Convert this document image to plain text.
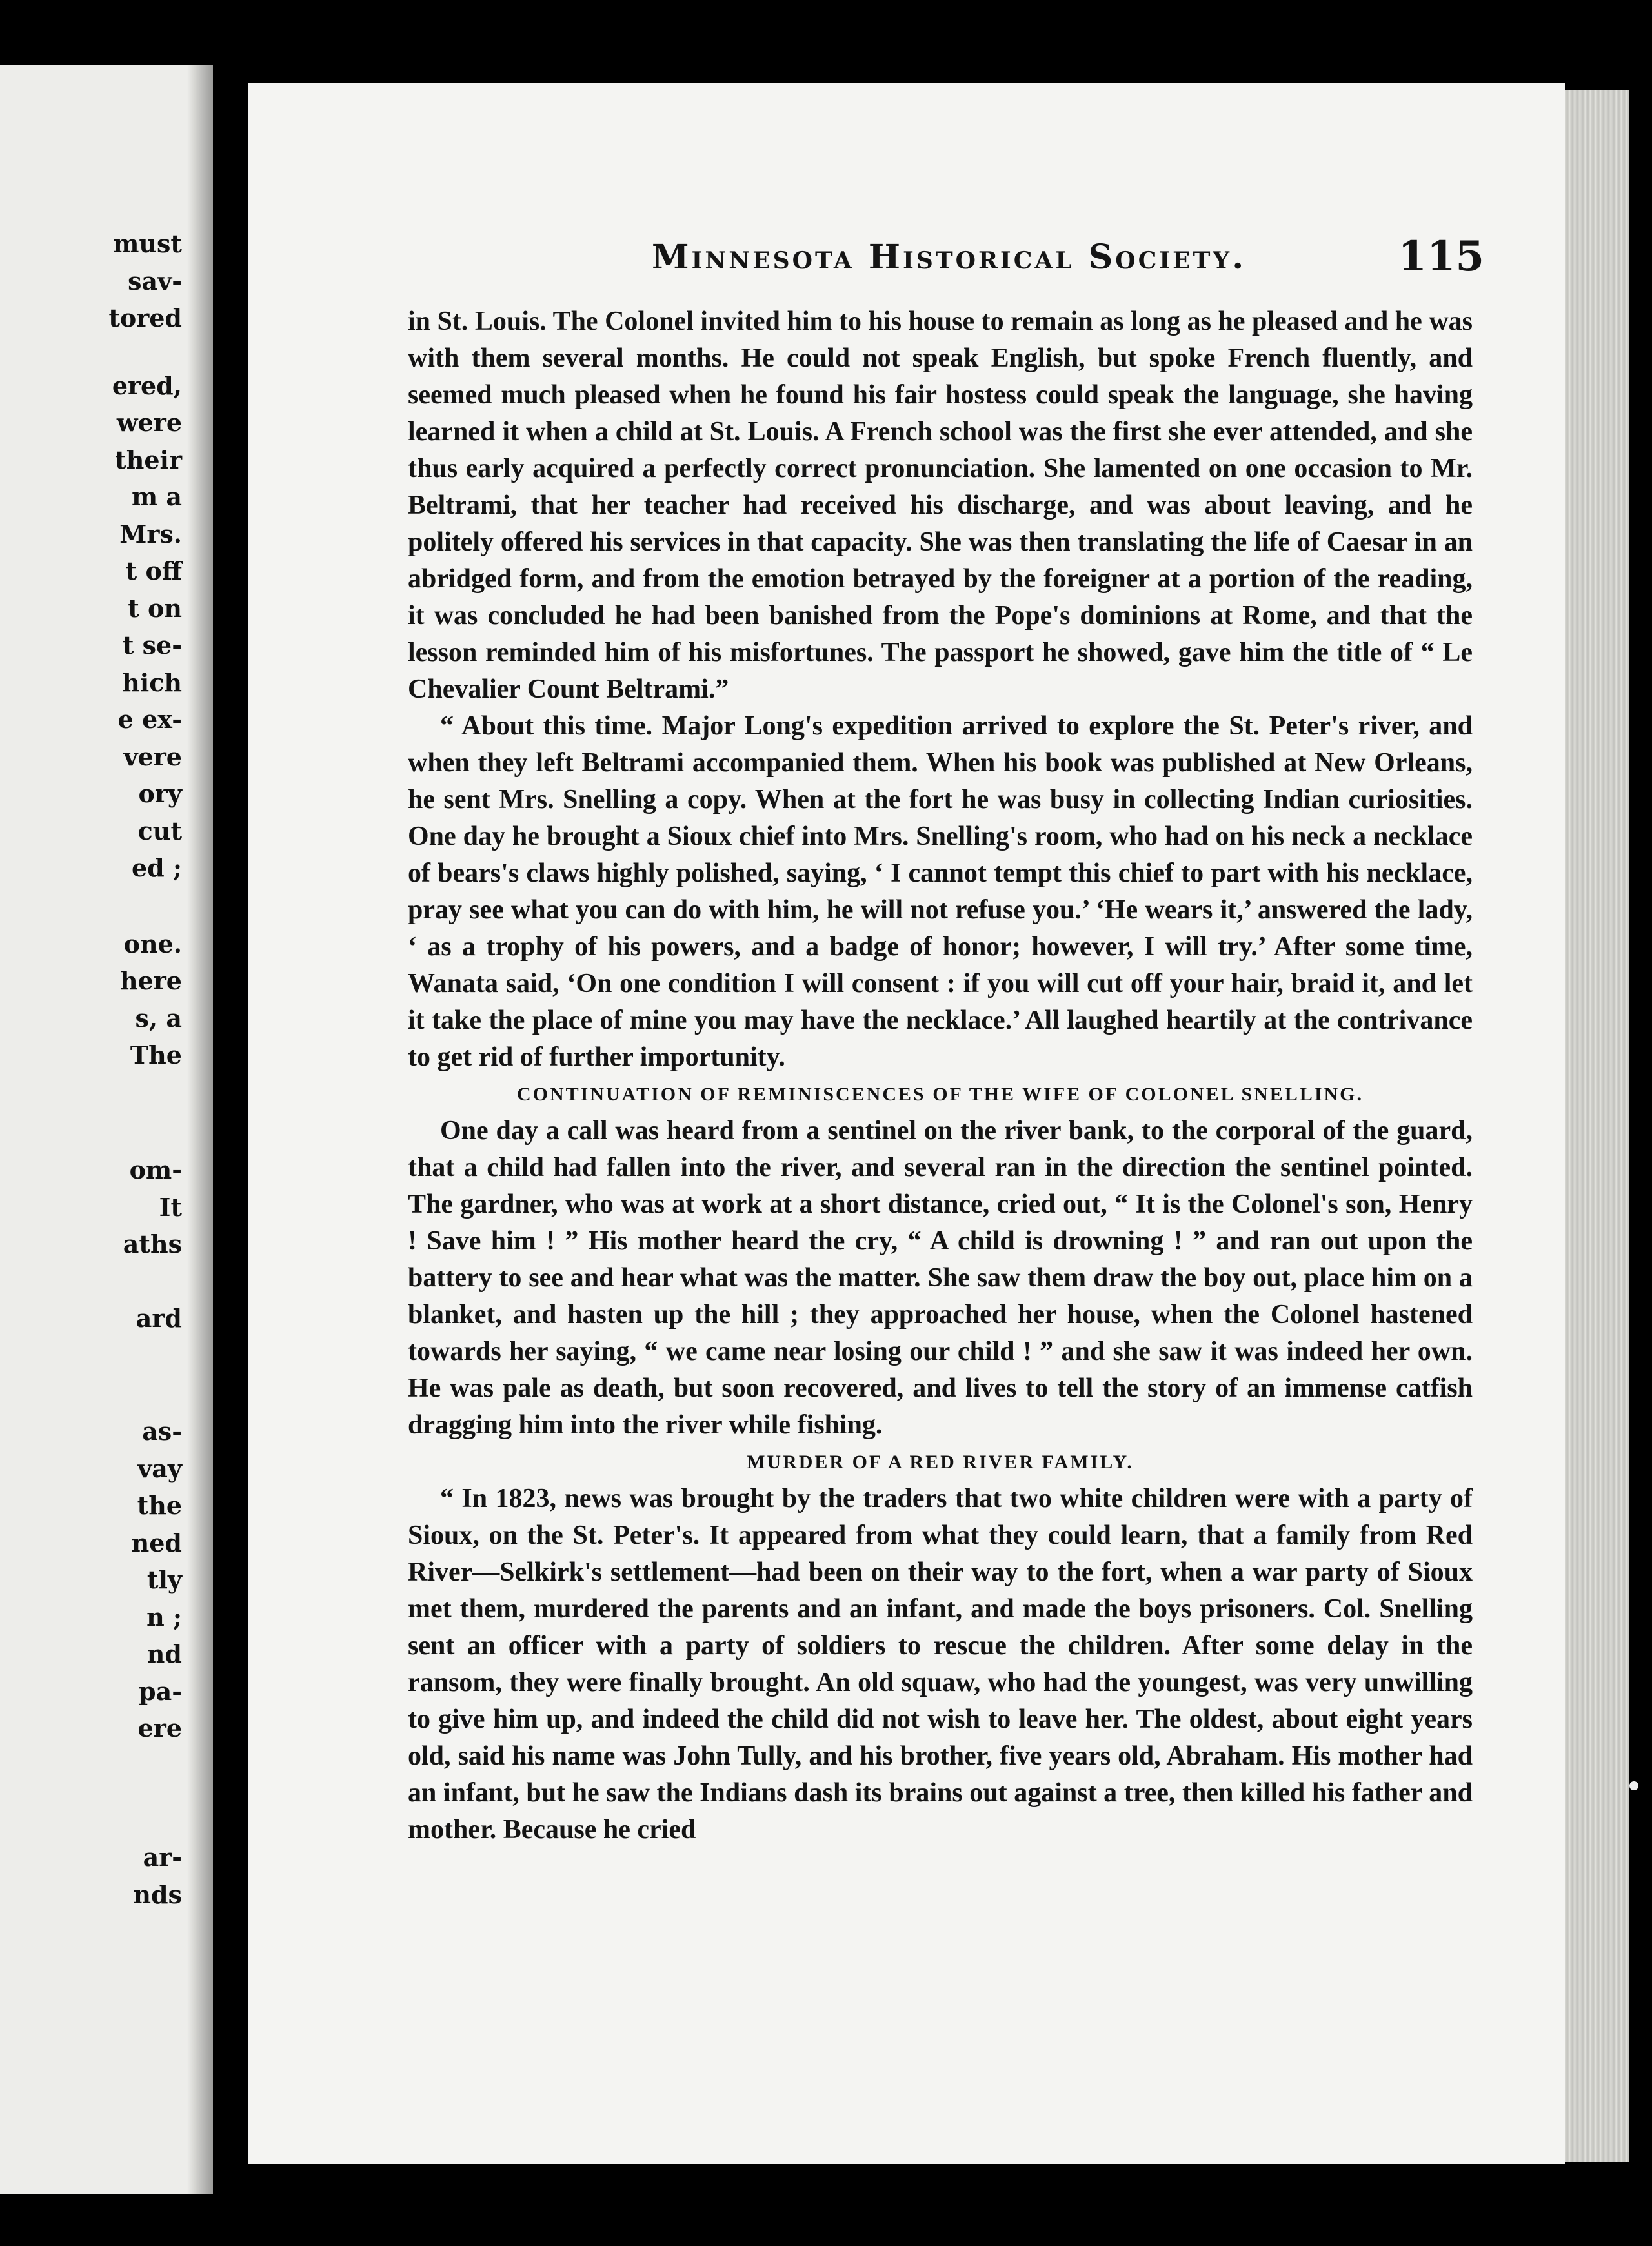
must
sav-
tored
ered,
were
their
m a
Mrs.
t off
t on
t se-
hich
e ex-
vere
ory
cut
ed ;
one.
here
s, a
The
om-
It
aths
ard
as-
vay
the
ned
tly
n ;
nd
pa-
ere
ar-
nds
Minnesota Historical Society.	115

in St. Louis. The Colonel invited him to his house to remain as long as he pleased and he was with them several months. He could not speak English, but spoke French fluently, and seemed much pleased when he found his fair hostess could speak the language, she having learned it when a child at St. Louis. A French school was the first she ever attended, and she thus early acquired a perfectly correct pronunciation. She lamented on one occasion to Mr. Beltrami, that her teacher had received his discharge, and was about leaving, and he politely offered his services in that capacity. She was then translating the life of Caesar in an abridged form, and from the emotion betrayed by the foreigner at a portion of the reading, it was concluded he had been banished from the Pope's dominions at Rome, and that the lesson reminded him of his misfortunes. The passport he showed, gave him the title of “ Le Chevalier Count Beltrami.”

“ About this time. Major Long's expedition arrived to explore the St. Peter's river, and when they left Beltrami accompanied them. When his book was published at New Orleans, he sent Mrs. Snelling a copy. When at the fort he was busy in collecting Indian curiosities. One day he brought a Sioux chief into Mrs. Snelling's room, who had on his neck a necklace of bears's claws highly polished, saying, ‘ I cannot tempt this chief to part with his necklace, pray see what you can do with him, he will not refuse you.’ ‘He wears it,’ answered the lady, ‘ as a trophy of his powers, and a badge of honor; however, I will try.’ After some time, Wanata said, ‘On one condition I will consent : if you will cut off your hair, braid it, and let it take the place of mine you may have the necklace.’ All laughed heartily at the contrivance to get rid of further importunity.

CONTINUATION OF REMINISCENCES OF THE WIFE OF COLONEL SNELLING.

One day a call was heard from a sentinel on the river bank, to the corporal of the guard, that a child had fallen into the river, and several ran in the direction the sentinel pointed. The gardner, who was at work at a short distance, cried out, “ It is the Colonel's son, Henry ! Save him ! ” His mother heard the cry, “ A child is drowning ! ” and ran out upon the battery to see and hear what was the matter. She saw them draw the boy out, place him on a blanket, and hasten up the hill ; they approached her house, when the Colonel hastened towards her saying, “ we came near losing our child ! ” and she saw it was indeed her own. He was pale as death, but soon recovered, and lives to tell the story of an immense catfish dragging him into the river while fishing.

MURDER OF A RED RIVER FAMILY.

“ In 1823, news was brought by the traders that two white children were with a party of Sioux, on the St. Peter's. It appeared from what they could learn, that a family from Red River—Selkirk's settlement—had been on their way to the fort, when a war party of Sioux met them, murdered the parents and an infant, and made the boys prisoners. Col. Snelling sent an officer with a party of soldiers to rescue the children. After some delay in the ransom, they were finally brought. An old squaw, who had the youngest, was very unwilling to give him up, and indeed the child did not wish to leave her. The oldest, about eight years old, said his name was John Tully, and his brother, five years old, Abraham. His mother had an infant, but he saw the Indians dash its brains out against a tree, then killed his father and mother. Because he cried
